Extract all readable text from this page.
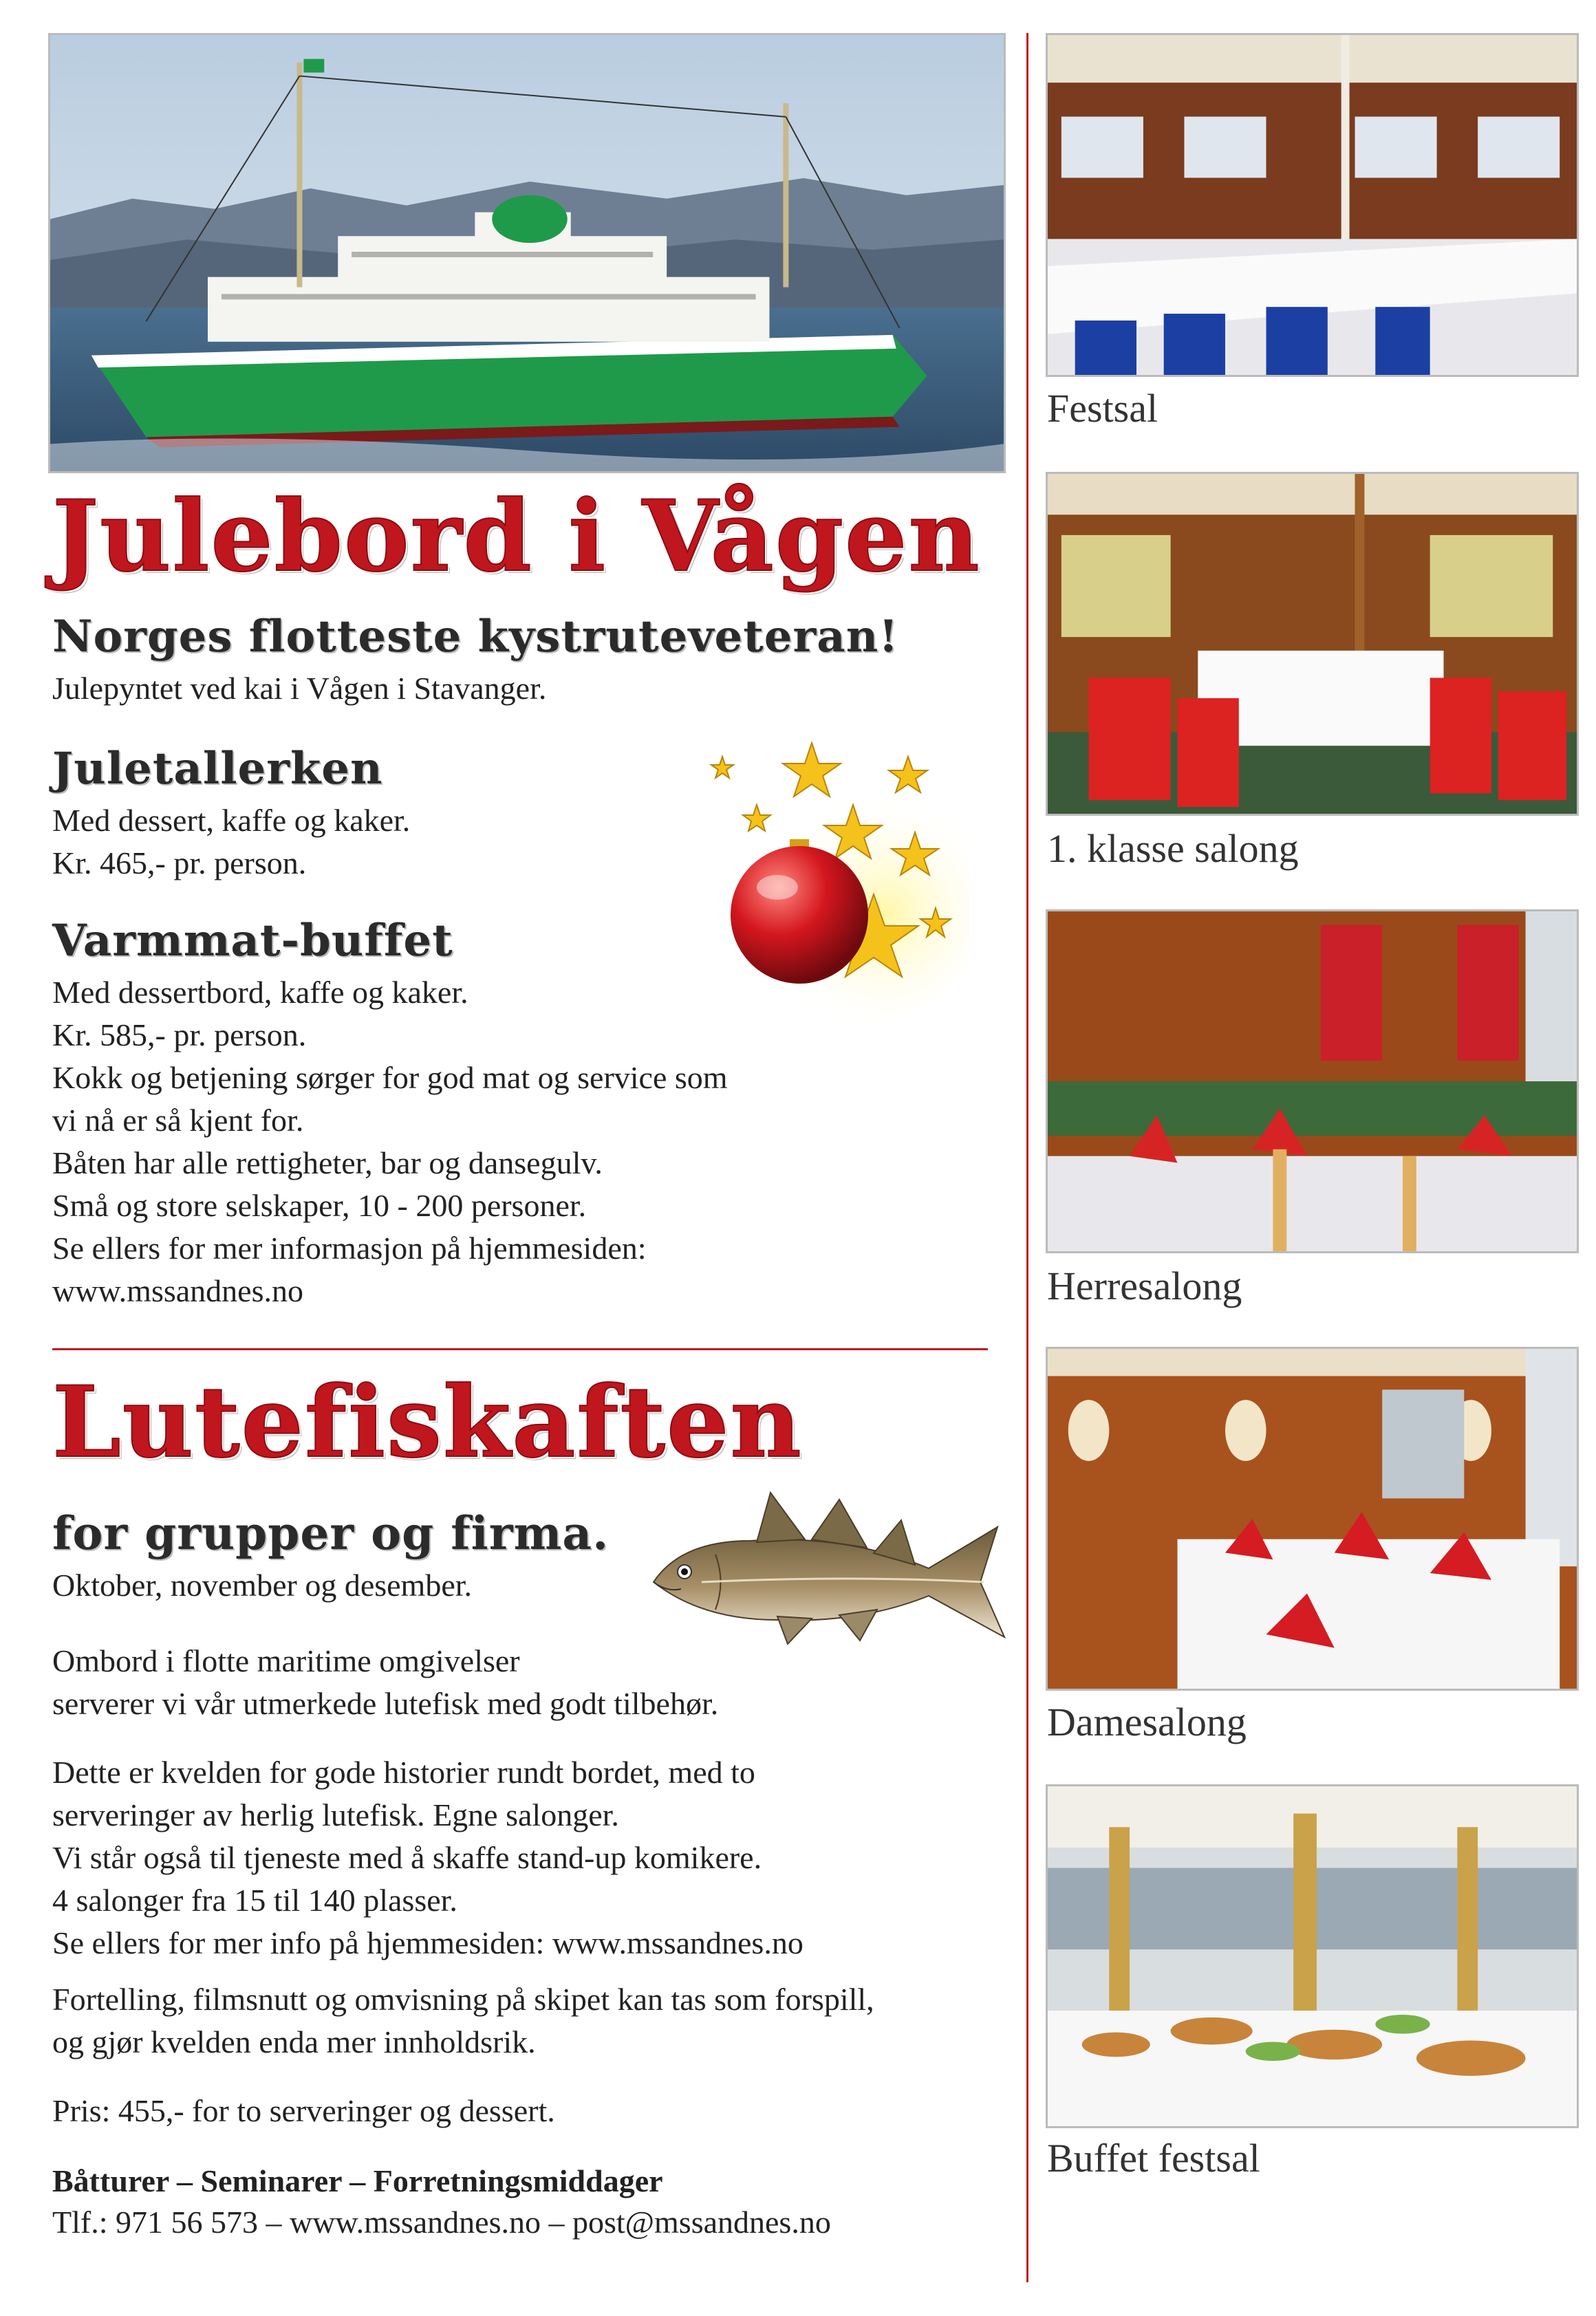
Julebord i Vågen
Norges flotteste kystruteveteran!
Julepyntet ved kai i Vågen i Stavanger.
Juletallerken
Med dessert, kaffe og kaker.
Kr. 465,- pr. person.
Varmmat-buffet
Med dessertbord, kaffe og kaker.
Kr. 585,- pr. person.
Kokk og betjening sørger for god mat og service som
vi nå er så kjent for.
Båten har alle rettigheter, bar og dansegulv.
Små og store selskaper, 10 - 200 personer.
Se ellers for mer informasjon på hjemmesiden:
www.mssandnes.no
Lutefiskaften
for grupper og firma.
Oktober, november og desember.
Ombord i flotte maritime omgivelser
serverer vi vår utmerkede lutefisk med godt tilbehør.
Dette er kvelden for gode historier rundt bordet, med to
serveringer av herlig lutefisk. Egne salonger.
Vi står også til tjeneste med å skaffe stand-up komikere.
4 salonger fra 15 til 140 plasser.
Se ellers for mer info på hjemmesiden: www.mssandnes.no
Fortelling, filmsnutt og omvisning på skipet kan tas som forspill,
og gjør kvelden enda mer innholdsrik.
Pris: 455,- for to serveringer og dessert.
Båtturer – Seminarer – Forretningsmiddager
Tlf.: 971 56 573 – www.mssandnes.no – post@mssandnes.no
Festsal
1. klasse salong
Herresalong
Damesalong
Buffet festsal
